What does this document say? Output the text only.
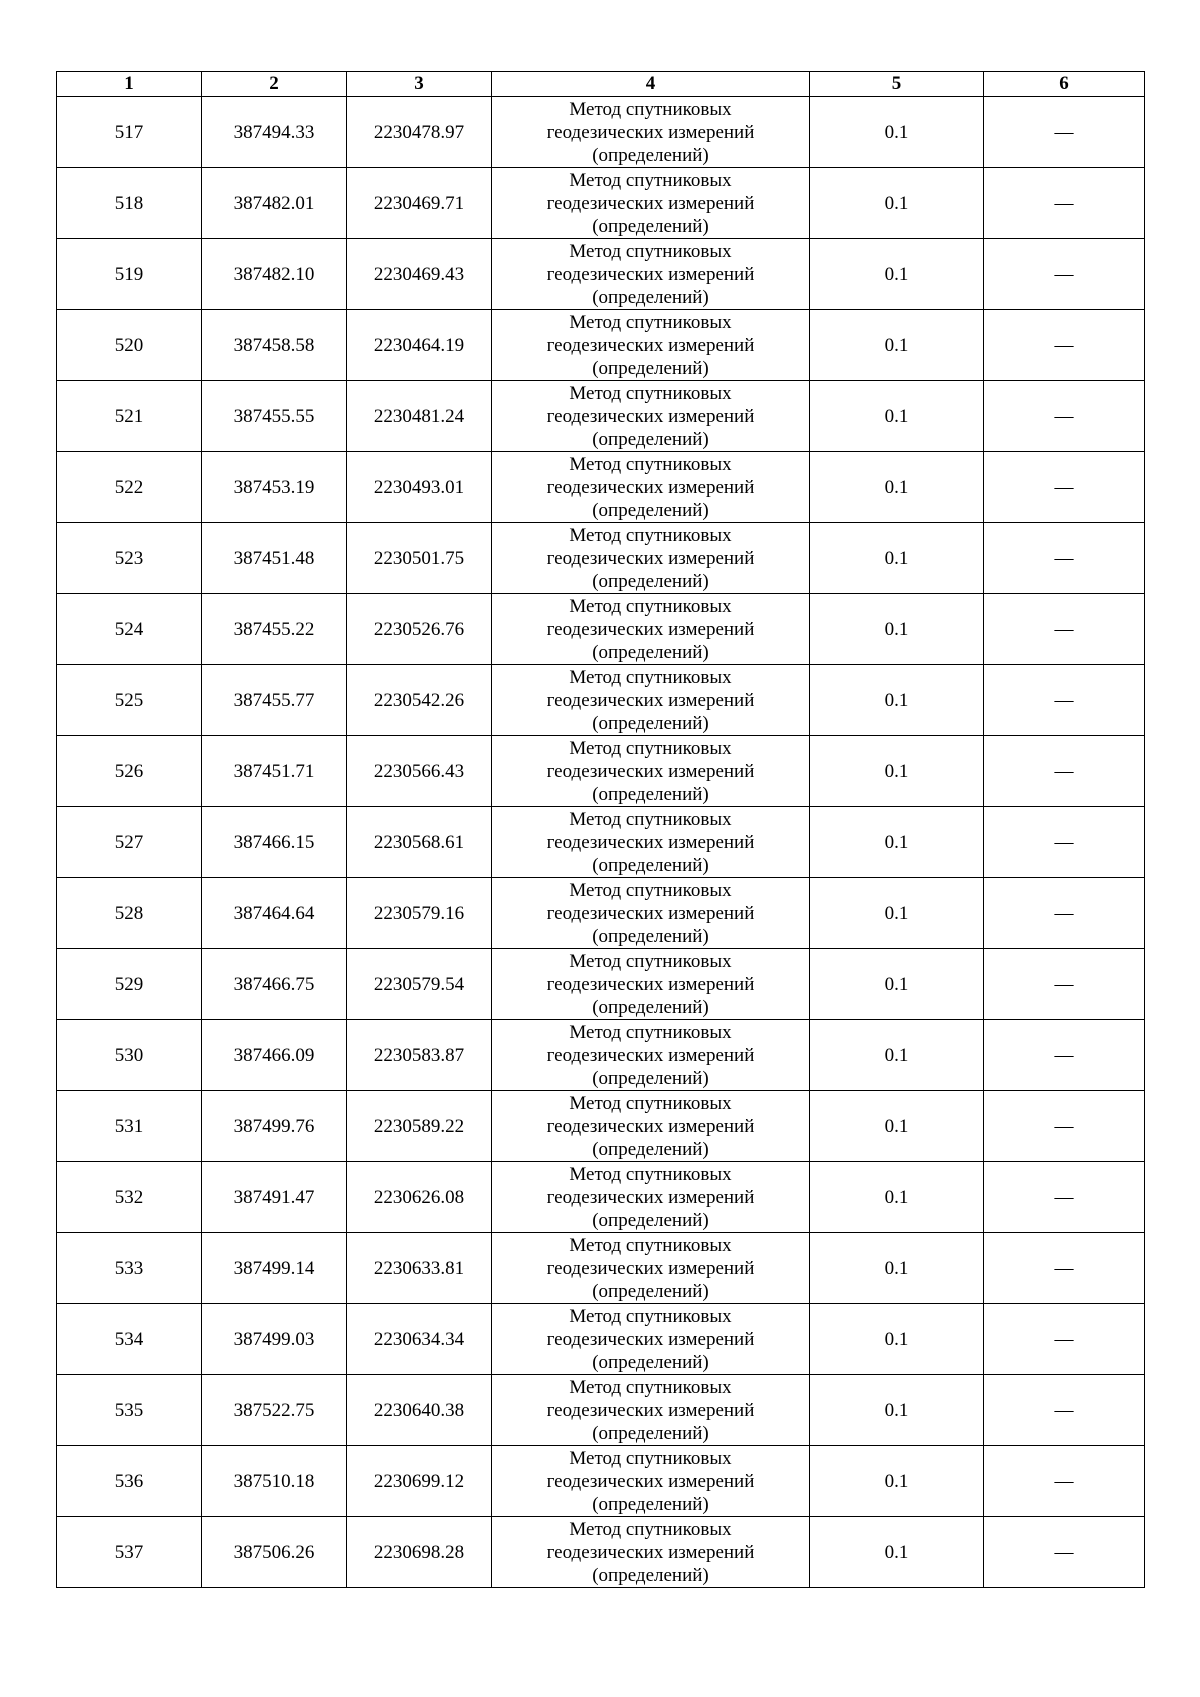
1	2	3	4	5	6
517	387494.33	2230478.97	Метод спутниковых
геодезических измерений
(определений)	0.1	—
518	387482.01	2230469.71	Метод спутниковых
геодезических измерений
(определений)	0.1	—
519	387482.10	2230469.43	Метод спутниковых
геодезических измерений
(определений)	0.1	—
520	387458.58	2230464.19	Метод спутниковых
геодезических измерений
(определений)	0.1	—
521	387455.55	2230481.24	Метод спутниковых
геодезических измерений
(определений)	0.1	—
522	387453.19	2230493.01	Метод спутниковых
геодезических измерений
(определений)	0.1	—
523	387451.48	2230501.75	Метод спутниковых
геодезических измерений
(определений)	0.1	—
524	387455.22	2230526.76	Метод спутниковых
геодезических измерений
(определений)	0.1	—
525	387455.77	2230542.26	Метод спутниковых
геодезических измерений
(определений)	0.1	—
526	387451.71	2230566.43	Метод спутниковых
геодезических измерений
(определений)	0.1	—
527	387466.15	2230568.61	Метод спутниковых
геодезических измерений
(определений)	0.1	—
528	387464.64	2230579.16	Метод спутниковых
геодезических измерений
(определений)	0.1	—
529	387466.75	2230579.54	Метод спутниковых
геодезических измерений
(определений)	0.1	—
530	387466.09	2230583.87	Метод спутниковых
геодезических измерений
(определений)	0.1	—
531	387499.76	2230589.22	Метод спутниковых
геодезических измерений
(определений)	0.1	—
532	387491.47	2230626.08	Метод спутниковых
геодезических измерений
(определений)	0.1	—
533	387499.14	2230633.81	Метод спутниковых
геодезических измерений
(определений)	0.1	—
534	387499.03	2230634.34	Метод спутниковых
геодезических измерений
(определений)	0.1	—
535	387522.75	2230640.38	Метод спутниковых
геодезических измерений
(определений)	0.1	—
536	387510.18	2230699.12	Метод спутниковых
геодезических измерений
(определений)	0.1	—
537	387506.26	2230698.28	Метод спутниковых
геодезических измерений
(определений)	0.1	—
